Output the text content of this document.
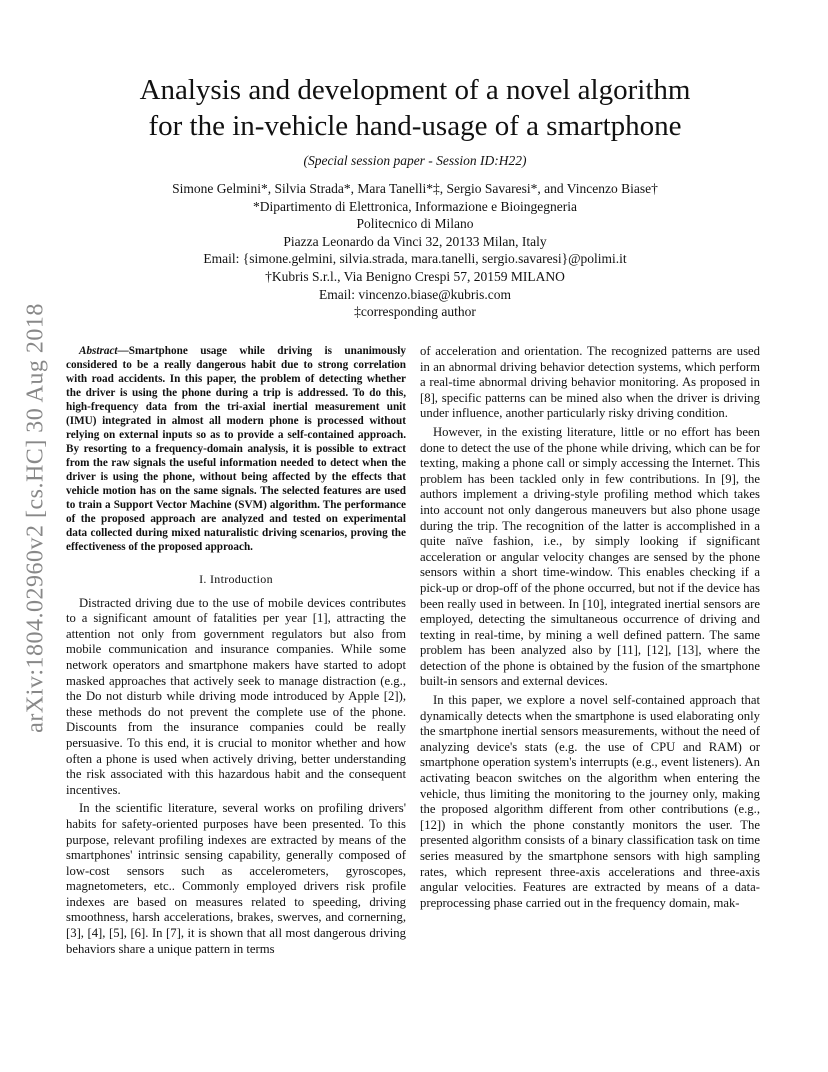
arXiv:1804.02960v2 [cs.HC] 30 Aug 2018
Analysis and development of a novel algorithm
for the in-vehicle hand-usage of a smartphone
(Special session paper - Session ID:H22)
Simone Gelmini*, Silvia Strada*, Mara Tanelli*‡, Sergio Savaresi*, and Vincenzo Biase†
*Dipartimento di Elettronica, Informazione e Bioingegneria
Politecnico di Milano
Piazza Leonardo da Vinci 32, 20133 Milan, Italy
Email: {simone.gelmini, silvia.strada, mara.tanelli, sergio.savaresi}@polimi.it
†Kubris S.r.l., Via Benigno Crespi 57, 20159 MILANO
Email: vincenzo.biase@kubris.com
‡corresponding author

Abstract—Smartphone usage while driving is unanimously considered to be a really dangerous habit due to strong correlation with road accidents. In this paper, the problem of detecting whether the driver is using the phone during a trip is addressed. To do this, high-frequency data from the tri-axial inertial measurement unit (IMU) integrated in almost all modern phone is processed without relying on external inputs so as to provide a self-contained approach. By resorting to a frequency-domain analysis, it is possible to extract from the raw signals the useful information needed to detect when the driver is using the phone, without being affected by the effects that vehicle motion has on the same signals. The selected features are used to train a Support Vector Machine (SVM) algorithm. The performance of the proposed approach are analyzed and tested on experimental data collected during mixed naturalistic driving scenarios, proving the effectiveness of the proposed approach.

I. Introduction

Distracted driving due to the use of mobile devices contributes to a significant amount of fatalities per year [1], attracting the attention not only from government regulators but also from mobile communication and insurance companies. While some network operators and smartphone makers have started to adopt masked approaches that actively seek to manage distraction (e.g., the Do not disturb while driving mode introduced by Apple [2]), these methods do not prevent the complete use of the phone. Discounts from the insurance companies could be really persuasive. To this end, it is crucial to monitor whether and how often a phone is used when actively driving, better understanding the risk associated with this hazardous habit and the consequent incentives.

In the scientific literature, several works on profiling drivers' habits for safety-oriented purposes have been presented. To this purpose, relevant profiling indexes are extracted by means of the smartphones' intrinsic sensing capability, generally composed of low-cost sensors such as accelerometers, gyroscopes, magnetometers, etc.. Commonly employed drivers risk profile indexes are based on measures related to speeding, driving smoothness, harsh accelerations, brakes, swerves, and cornerning, [3], [4], [5], [6]. In [7], it is shown that all most dangerous driving behaviors share a unique pattern in terms

of acceleration and orientation. The recognized patterns are used in an abnormal driving behavior detection systems, which perform a real-time abnormal driving behavior monitoring. As proposed in [8], specific patterns can be mined also when the driver is driving under influence, another particularly risky driving condition.

However, in the existing literature, little or no effort has been done to detect the use of the phone while driving, which can be for texting, making a phone call or simply accessing the Internet. This problem has been tackled only in few contributions. In [9], the authors implement a driving-style profiling method which takes into account not only dangerous maneuvers but also phone usage during the trip. The recognition of the latter is accomplished in a quite naïve fashion, i.e., by simply looking if significant acceleration or angular velocity changes are sensed by the phone sensors within a short time-window. This enables checking if a pick-up or drop-off of the phone occurred, but not if the device has been really used in between. In [10], integrated inertial sensors are employed, detecting the simultaneous occurrence of driving and texting in real-time, by mining a well defined pattern. The same problem has been analyzed also by [11], [12], [13], where the detection of the phone is obtained by the fusion of the smartphone built-in sensors and external devices.

In this paper, we explore a novel self-contained approach that dynamically detects when the smartphone is used elaborating only the smartphone inertial sensors measurements, without the need of analyzing device's stats (e.g. the use of CPU and RAM) or smartphone operation system's interrupts (e.g., event listeners). An activating beacon switches on the algorithm when entering the vehicle, thus limiting the monitoring to the journey only, making the proposed algorithm different from other contributions (e.g., [12]) in which the phone constantly monitors the user. The presented algorithm consists of a binary classification task on time series measured by the smartphone sensors with high sampling rates, which represent three-axis accelerations and three-axis angular velocities. Features are extracted by means of a data-preprocessing phase carried out in the frequency domain, mak-
